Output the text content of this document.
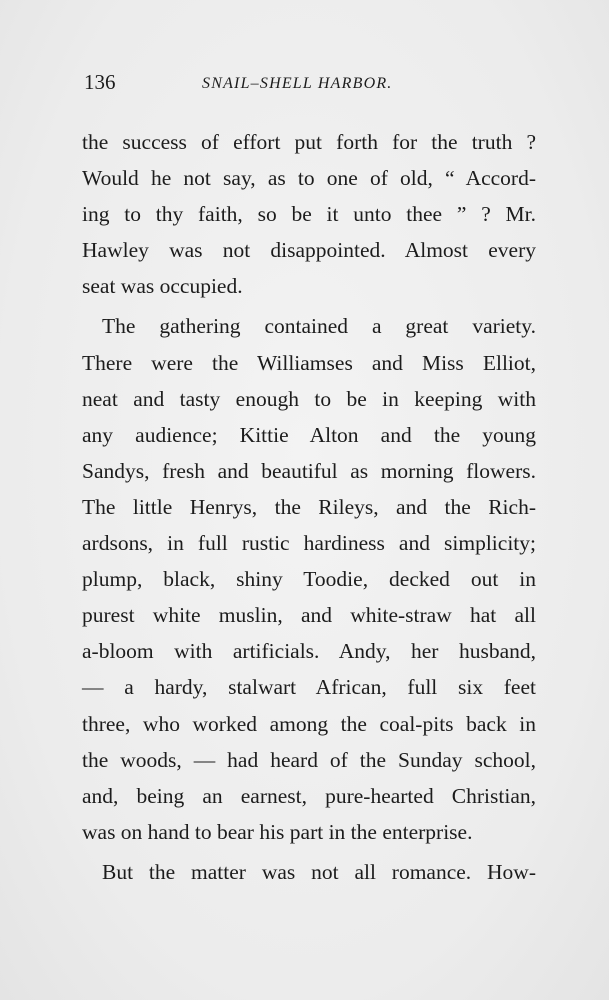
136	SNAIL–SHELL HARBOR.
the success of effort put forth for the truth ?
Would he not say, as to one of old, “ Accord-
ing to thy faith, so be it unto thee ” ? Mr.
Hawley was not disappointed. Almost every
seat was occupied.
The gathering contained a great variety.
There were the Williamses and Miss Elliot,
neat and tasty enough to be in keeping with
any audience; Kittie Alton and the young
Sandys, fresh and beautiful as morning flowers.
The little Henrys, the Rileys, and the Rich-
ardsons, in full rustic hardiness and simplicity;
plump, black, shiny Toodie, decked out in
purest white muslin, and white-straw hat all
a-bloom with artificials. Andy, her husband,
— a hardy, stalwart African, full six feet
three, who worked among the coal-pits back in
the woods, — had heard of the Sunday school,
and, being an earnest, pure-hearted Christian,
was on hand to bear his part in the enterprise.
But the matter was not all romance. How-
